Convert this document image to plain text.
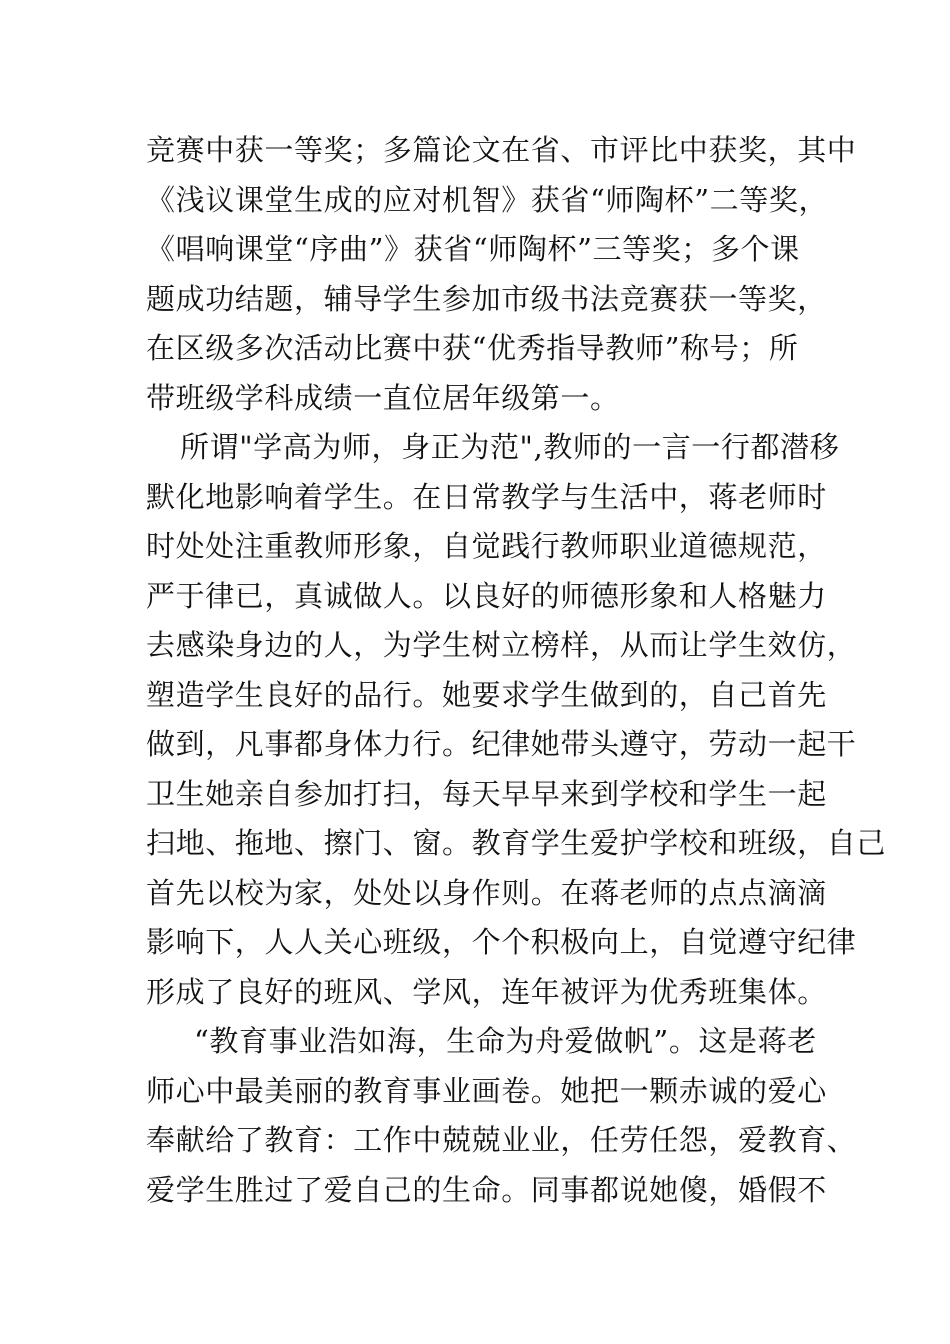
竞赛中获一等奖；多篇论文在省、市评比中获奖，其中
《浅议课堂生成的应对机智》获省“师陶杯”二等奖，
《唱响课堂“序曲”》获省“师陶杯”三等奖；多个课
题成功结题，辅导学生参加市级书法竞赛获一等奖，
在区级多次活动比赛中获“优秀指导教师”称号；所
带班级学科成绩一直位居年级第一。
所谓"学高为师，身正为范",教师的一言一行都潜移
默化地影响着学生。在日常教学与生活中，蒋老师时
时处处注重教师形象，自觉践行教师职业道德规范，
严于律已，真诚做人。以良好的师德形象和人格魅力
去感染身边的人，为学生树立榜样，从而让学生效仿，
塑造学生良好的品行。她要求学生做到的，自己首先
做到，凡事都身体力行。纪律她带头遵守，劳动一起干
卫生她亲自参加打扫，每天早早来到学校和学生一起
扫地、拖地、擦门、窗。教育学生爱护学校和班级，自己
首先以校为家，处处以身作则。在蒋老师的点点滴滴
影响下，人人关心班级，个个积极向上，自觉遵守纪律
形成了良好的班风、学风，连年被评为优秀班集体。
“教育事业浩如海，生命为舟爱做帆”。这是蒋老
师心中最美丽的教育事业画卷。她把一颗赤诚的爱心
奉献给了教育：工作中兢兢业业，任劳任怨，爱教育、
爱学生胜过了爱自己的生命。同事都说她傻，婚假不
